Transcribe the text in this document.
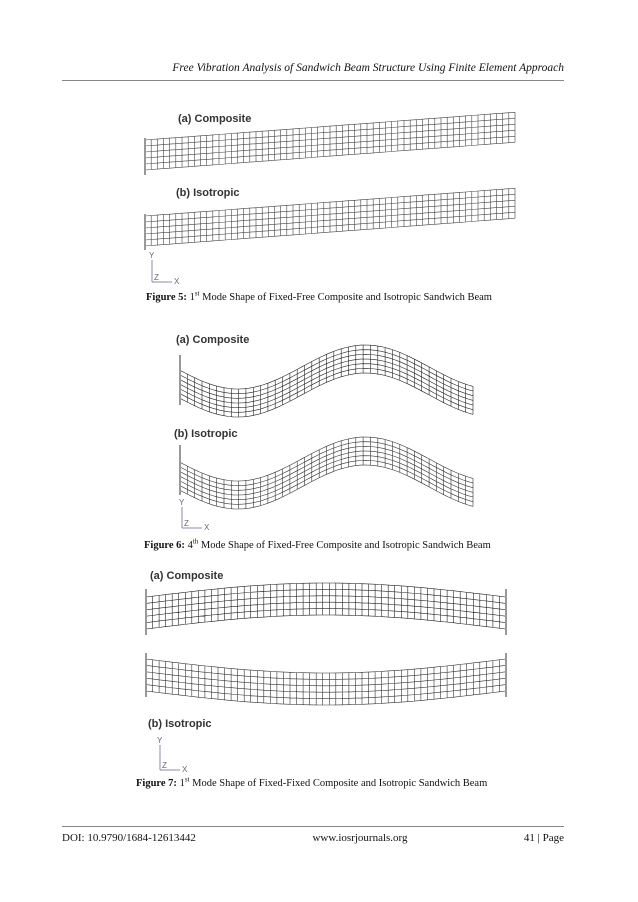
Free Vibration Analysis of Sandwich Beam Structure Using Finite Element Approach
(a) Composite
(b) Isotropic
Y
Z X
Figure 5: 1st Mode Shape of Fixed-Free Composite and Isotropic Sandwich Beam
(a) Composite
(b) Isotropic
Y
Z X
Figure 6: 4th Mode Shape of Fixed-Free Composite and Isotropic Sandwich Beam
(a) Composite
(b) Isotropic
Y
Z X
Figure 7: 1st Mode Shape of Fixed-Fixed Composite and Isotropic Sandwich Beam
DOI: 10.9790/1684-12613442	www.iosrjournals.org	41 | Page
